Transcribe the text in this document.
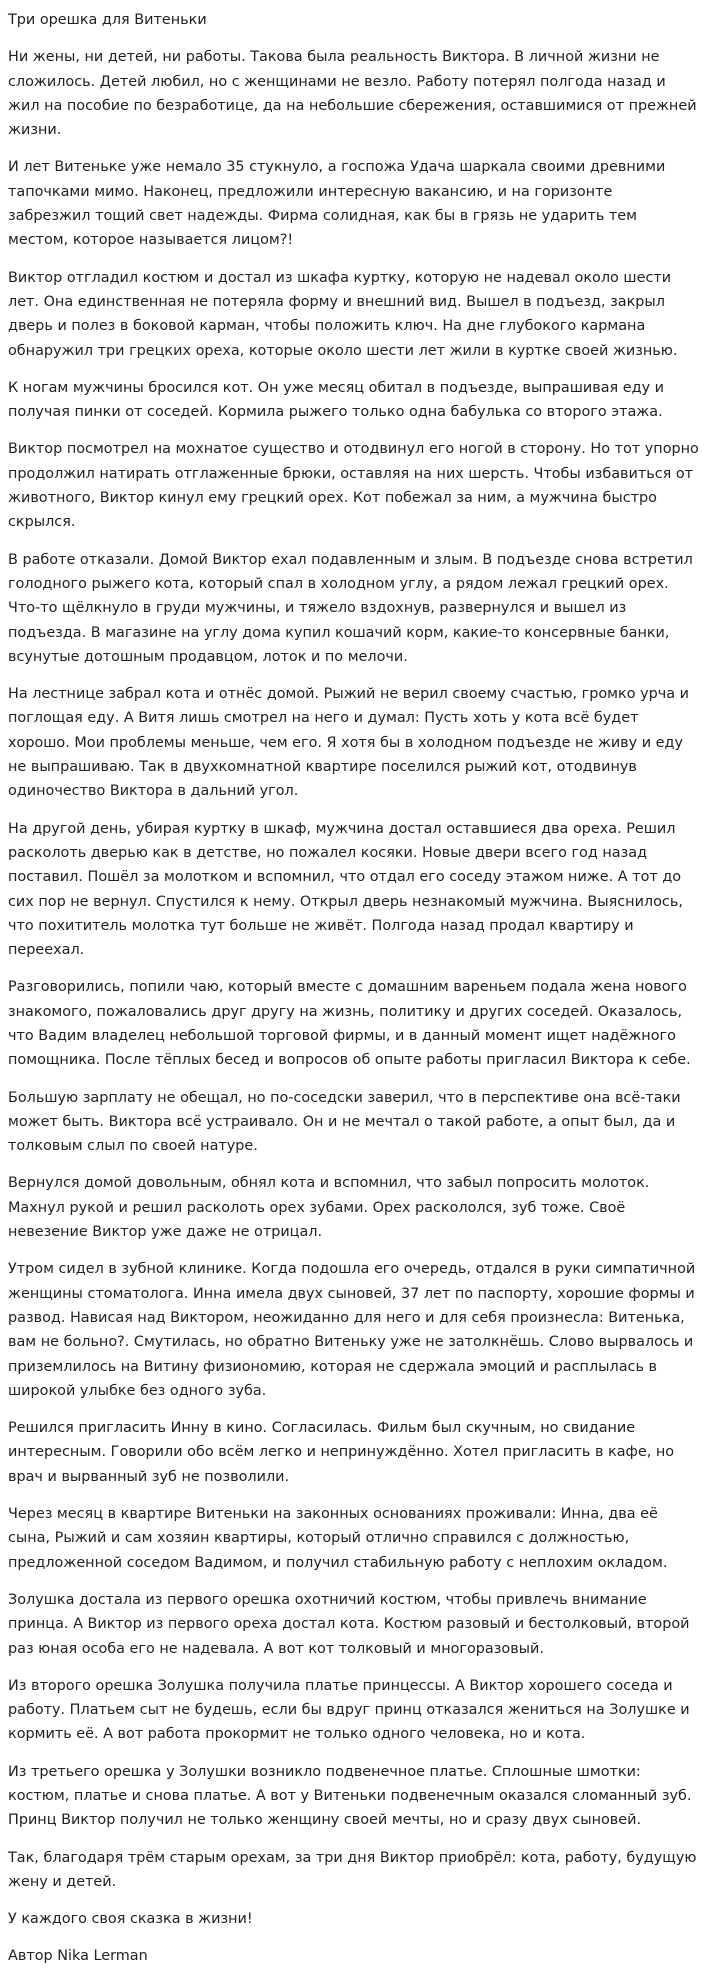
Три орешка для Витеньки

Ни жены, ни детей, ни работы. Такова была реальность Виктора. В личной жизни не сложилось. Детей любил, но с женщинами не везло. Работу потерял полгода назад и жил на пособие по безработице, да на небольшие сбережения, оставшимися от прежней жизни.

И лет Витеньке уже немало 35 стукнуло, а госпожа Удача шаркала своими древними тапочками мимо. Наконец, предложили интересную вакансию, и на горизонте забрезжил тощий свет надежды. Фирма солидная, как бы в грязь не ударить тем местом, которое называется лицом?!

Виктор отгладил костюм и достал из шкафа куртку, которую не надевал около шести лет. Она единственная не потеряла форму и внешний вид. Вышел в подъезд, закрыл дверь и полез в боковой карман, чтобы положить ключ. На дне глубокого кармана обнаружил три грецких ореха, которые около шести лет жили в куртке своей жизнью.

К ногам мужчины бросился кот. Он уже месяц обитал в подъезде, выпрашивая еду и получая пинки от соседей. Кормила рыжего только одна бабулька со второго этажа.

Виктор посмотрел на мохнатое существо и отодвинул его ногой в сторону. Но тот упорно продолжил натирать отглаженные брюки, оставляя на них шерсть. Чтобы избавиться от животного, Виктор кинул ему грецкий орех. Кот побежал за ним, а мужчина быстро скрылся.

В работе отказали. Домой Виктор ехал подавленным и злым. В подъезде снова встретил голодного рыжего кота, который спал в холодном углу, а рядом лежал грецкий орех. Что-то щёлкнуло в груди мужчины, и тяжело вздохнув, развернулся и вышел из подъезда. В магазине на углу дома купил кошачий корм, какие-то консервные банки, всунутые дотошным продавцом, лоток и по мелочи.

На лестнице забрал кота и отнёс домой. Рыжий не верил своему счастью, громко урча и поглощая еду. А Витя лишь смотрел на него и думал: Пусть хоть у кота всё будет хорошо. Мои проблемы меньше, чем его. Я хотя бы в холодном подъезде не живу и еду не выпрашиваю. Так в двухкомнатной квартире поселился рыжий кот, отодвинув одиночество Виктора в дальний угол.

На другой день, убирая куртку в шкаф, мужчина достал оставшиеся два ореха. Решил расколоть дверью как в детстве, но пожалел косяки. Новые двери всего год назад поставил. Пошёл за молотком и вспомнил, что отдал его соседу этажом ниже. А тот до сих пор не вернул. Спустился к нему. Открыл дверь незнакомый мужчина. Выяснилось, что похититель молотка тут больше не живёт. Полгода назад продал квартиру и переехал.

Разговорились, попили чаю, который вместе с домашним вареньем подала жена нового знакомого, пожаловались друг другу на жизнь, политику и других соседей. Оказалось, что Вадим владелец небольшой торговой фирмы, и в данный момент ищет надёжного помощника. После тёплых бесед и вопросов об опыте работы пригласил Виктора к себе.

Большую зарплату не обещал, но по-соседски заверил, что в перспективе она всё-таки может быть. Виктора всё устраивало. Он и не мечтал о такой работе, а опыт был, да и толковым слыл по своей натуре.

Вернулся домой довольным, обнял кота и вспомнил, что забыл попросить молоток. Махнул рукой и решил расколоть орех зубами. Орех раскололся, зуб тоже. Своё невезение Виктор уже даже не отрицал.

Утром сидел в зубной клинике. Когда подошла его очередь, отдался в руки симпатичной женщины стоматолога. Инна имела двух сыновей, 37 лет по паспорту, хорошие формы и развод. Нависая над Виктором, неожиданно для него и для себя произнесла: Витенька, вам не больно?. Смутилась, но обратно Витеньку уже не затолкнёшь. Слово вырвалось и приземлилось на Витину физиономию, которая не сдержала эмоций и расплылась в широкой улыбке без одного зуба.

Решился пригласить Инну в кино. Согласилась. Фильм был скучным, но свидание интересным. Говорили обо всём легко и непринуждённо. Хотел пригласить в кафе, но врач и вырванный зуб не позволили.

Через месяц в квартире Витеньки на законных основаниях проживали: Инна, два её сына, Рыжий и сам хозяин квартиры, который отлично справился с должностью, предложенной соседом Вадимом, и получил стабильную работу с неплохим окладом.

Золушка достала из первого орешка охотничий костюм, чтобы привлечь внимание принца. А Виктор из первого ореха достал кота. Костюм разовый и бестолковый, второй раз юная особа его не надевала. А вот кот толковый и многоразовый.

Из второго орешка Золушка получила платье принцессы. А Виктор хорошего соседа и работу. Платьем сыт не будешь, если бы вдруг принц отказался жениться на Золушке и кормить её. А вот работа прокормит не только одного человека, но и кота.

Из третьего орешка у Золушки возникло подвенечное платье. Сплошные шмотки: костюм, платье и снова платье. А вот у Витеньки подвенечным оказался сломанный зуб. Принц Виктор получил не только женщину своей мечты, но и сразу двух сыновей.

Так, благодаря трём старым орехам, за три дня Виктор приобрёл: кота, работу, будущую жену и детей.

У каждого своя сказка в жизни!

Автор Nika Lerman
